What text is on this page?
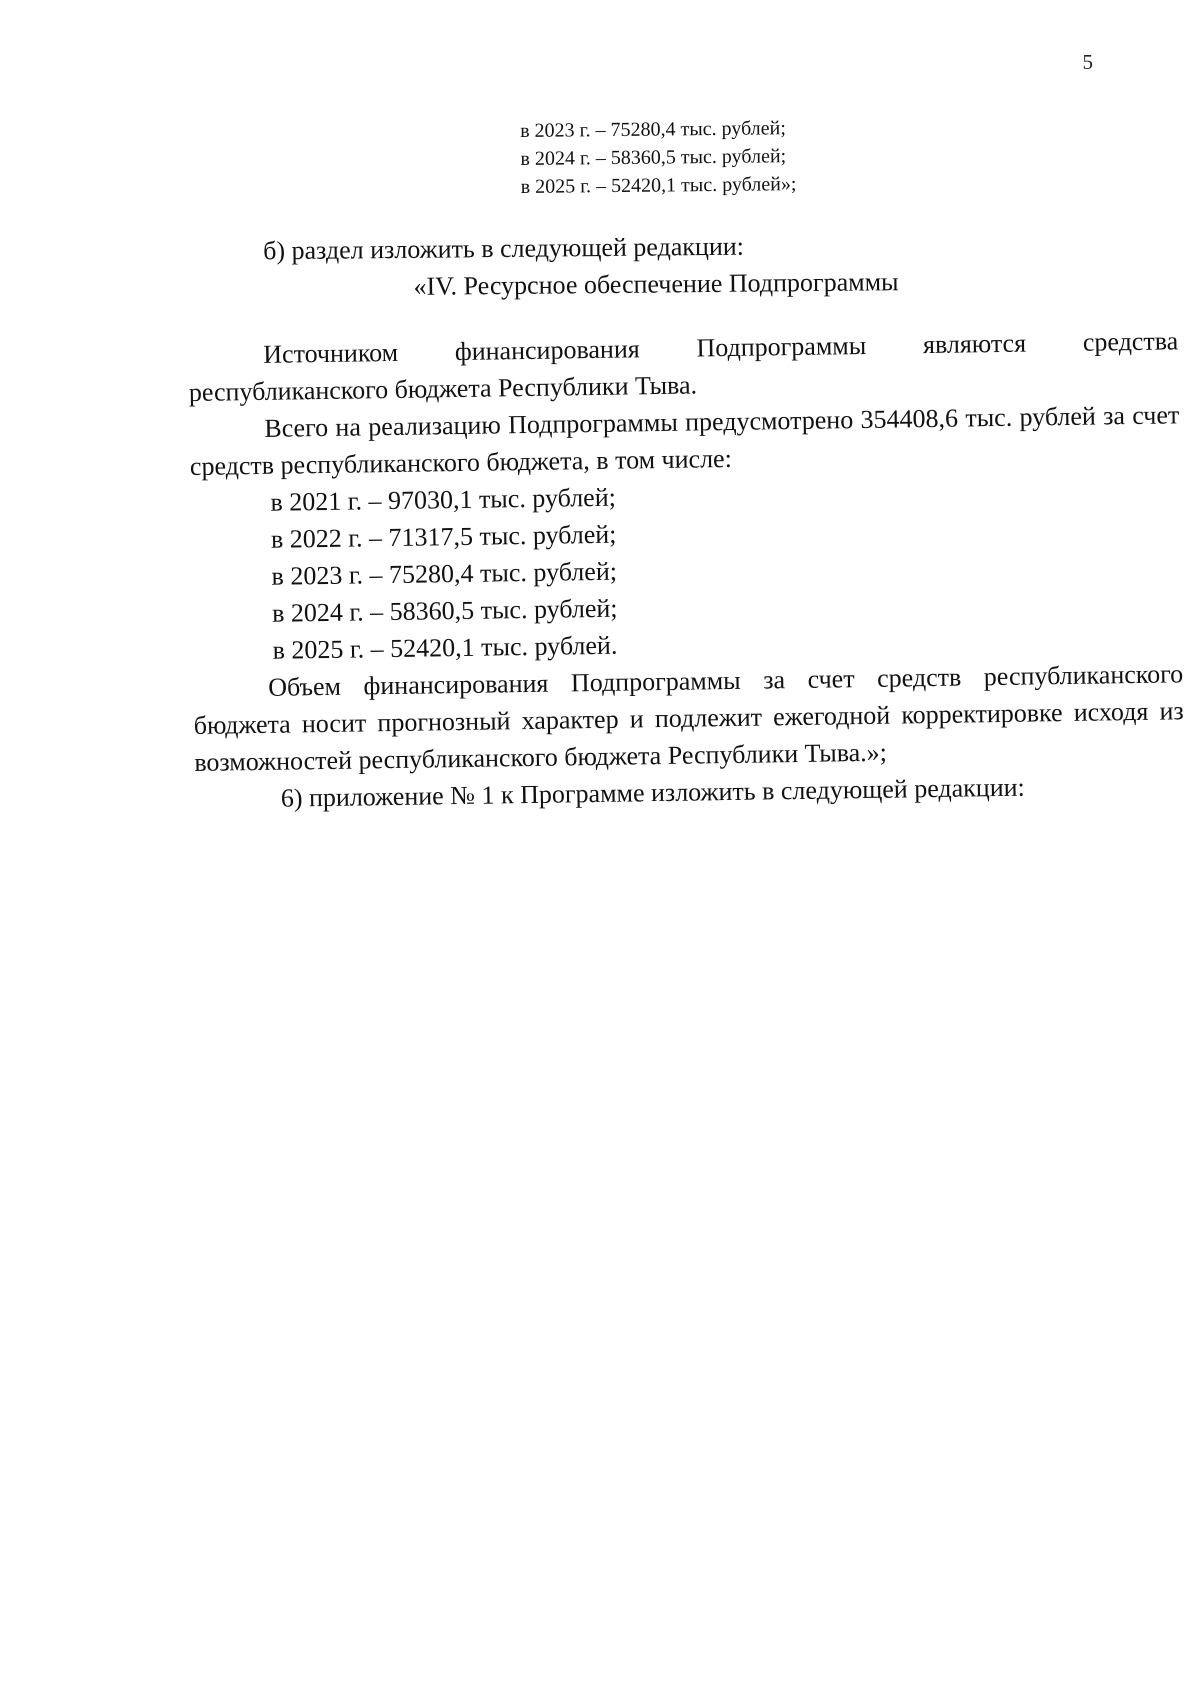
5
в 2023 г. – 75280,4 тыс. рублей;
в 2024 г. – 58360,5 тыс. рублей;
в 2025 г. – 52420,1 тыс. рублей»;
б) раздел изложить в следующей редакции:
«IV. Ресурсное обеспечение Подпрограммы

Источником финансирования Подпрограммы являются средства республиканского бюджета Республики Тыва.

Всего на реализацию Подпрограммы предусмотрено 354408,6 тыс. рублей за счет средств республиканского бюджета, в том числе:

в 2021 г. – 97030,1 тыс. рублей;
в 2022 г. – 71317,5 тыс. рублей;
в 2023 г. – 75280,4 тыс. рублей;
в 2024 г. – 58360,5 тыс. рублей;
в 2025 г. – 52420,1 тыс. рублей.

Объем финансирования Подпрограммы за счет средств республиканского бюджета носит прогнозный характер и подлежит ежегодной корректировке исходя из возможностей республиканского бюджета Республики Тыва.»;

6) приложение № 1 к Программе изложить в следующей редакции:
